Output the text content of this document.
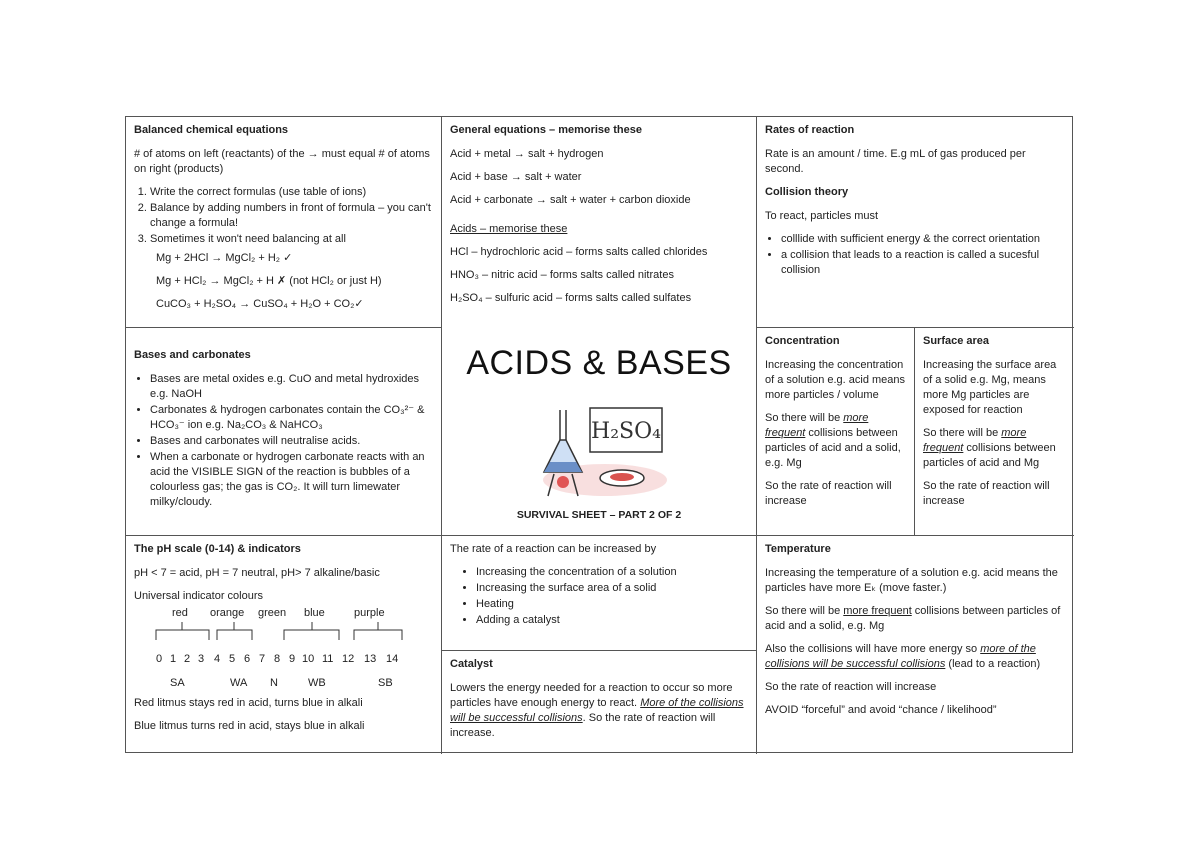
Balanced chemical equations

# of atoms on left (reactants) of the → must equal # of atoms on right (products)

1. Write the correct formulas (use table of ions)
2. Balance by adding numbers in front of formula – you can't change a formula!
3. Sometimes it won't need balancing at all
Mg + 2HCl → MgCl₂ + H₂ ✓
Mg + HCl₂ → MgCl₂ + H ✗ (not HCl₂ or just H)
CuCO₃ + H₂SO₄ → CuSO₄ + H₂O + CO₂✓
General equations – memorise these

Acid + metal → salt + hydrogen

Acid + base → salt + water

Acid + carbonate → salt + water + carbon dioxide

Acids – memorise these

HCl – hydrochloric acid – forms salts called chlorides

HNO₃ – nitric acid – forms salts called nitrates

H₂SO₄ – sulfuric acid – forms salts called sulfates

Rates of reaction

Rate is an amount / time. E.g mL of gas produced per second.

Collision theory

To react, particles must

• colllide with sufficient energy & the correct orientation
• a collision that leads to a reaction is called a sucesful collision
Bases and carbonates
• Bases are metal oxides e.g. CuO and metal hydroxides e.g. NaOH
• Carbonates & hydrogen carbonates contain the CO₃²⁻ & HCO₃⁻ ion e.g. Na₂CO₃ & NaHCO₃
• Bases and carbonates will neutralise acids.
• When a carbonate or hydrogen carbonate reacts with an acid the VISIBLE SIGN of the reaction is bubbles of a colourless gas; the gas is CO₂. It will turn limewater milky/cloudy.
ACIDS & BASES
H₂SO₄
SURVIVAL SHEET – PART 2 OF 2
Concentration

Increasing the concentration of a solution e.g. acid means more particles / volume

So there will be more frequent collisions between particles of acid and a solid, e.g. Mg

So the rate of reaction will increase

Surface area

Increasing the surface area of a solid e.g. Mg, means more Mg particles are exposed for reaction

So there will be more frequent collisions between particles of acid and Mg

So the rate of reaction will increase

The pH scale (0-14) & indicators

pH < 7 = acid, pH = 7 neutral, pH> 7 alkaline/basic

Universal indicator colours
red orange green blue	purple
0 1 2 3 4 5 6 7 8 9 10 11 12 13 14
SA	WA N	WB	SB

Red litmus stays red in acid, turns blue in alkali

Blue litmus turns red in acid, stays blue in alkali

The rate of a reaction can be increased by

• Increasing the concentration of a solution
• Increasing the surface area of a solid
• Heating
• Adding a catalyst
Catalyst

Lowers the energy needed for a reaction to occur so more particles have enough energy to react. More of the collisions will be successful collisions. So the rate of reaction will increase.

Temperature

Increasing the temperature of a solution e.g. acid means the particles have more Eₖ (move faster.)

So there will be more frequent collisions between particles of acid and a solid, e.g. Mg

Also the collisions will have more energy so more of the collisions will be successful collisions (lead to a reaction)

So the rate of reaction will increase

AVOID “forceful” and avoid “chance / likelihood”
